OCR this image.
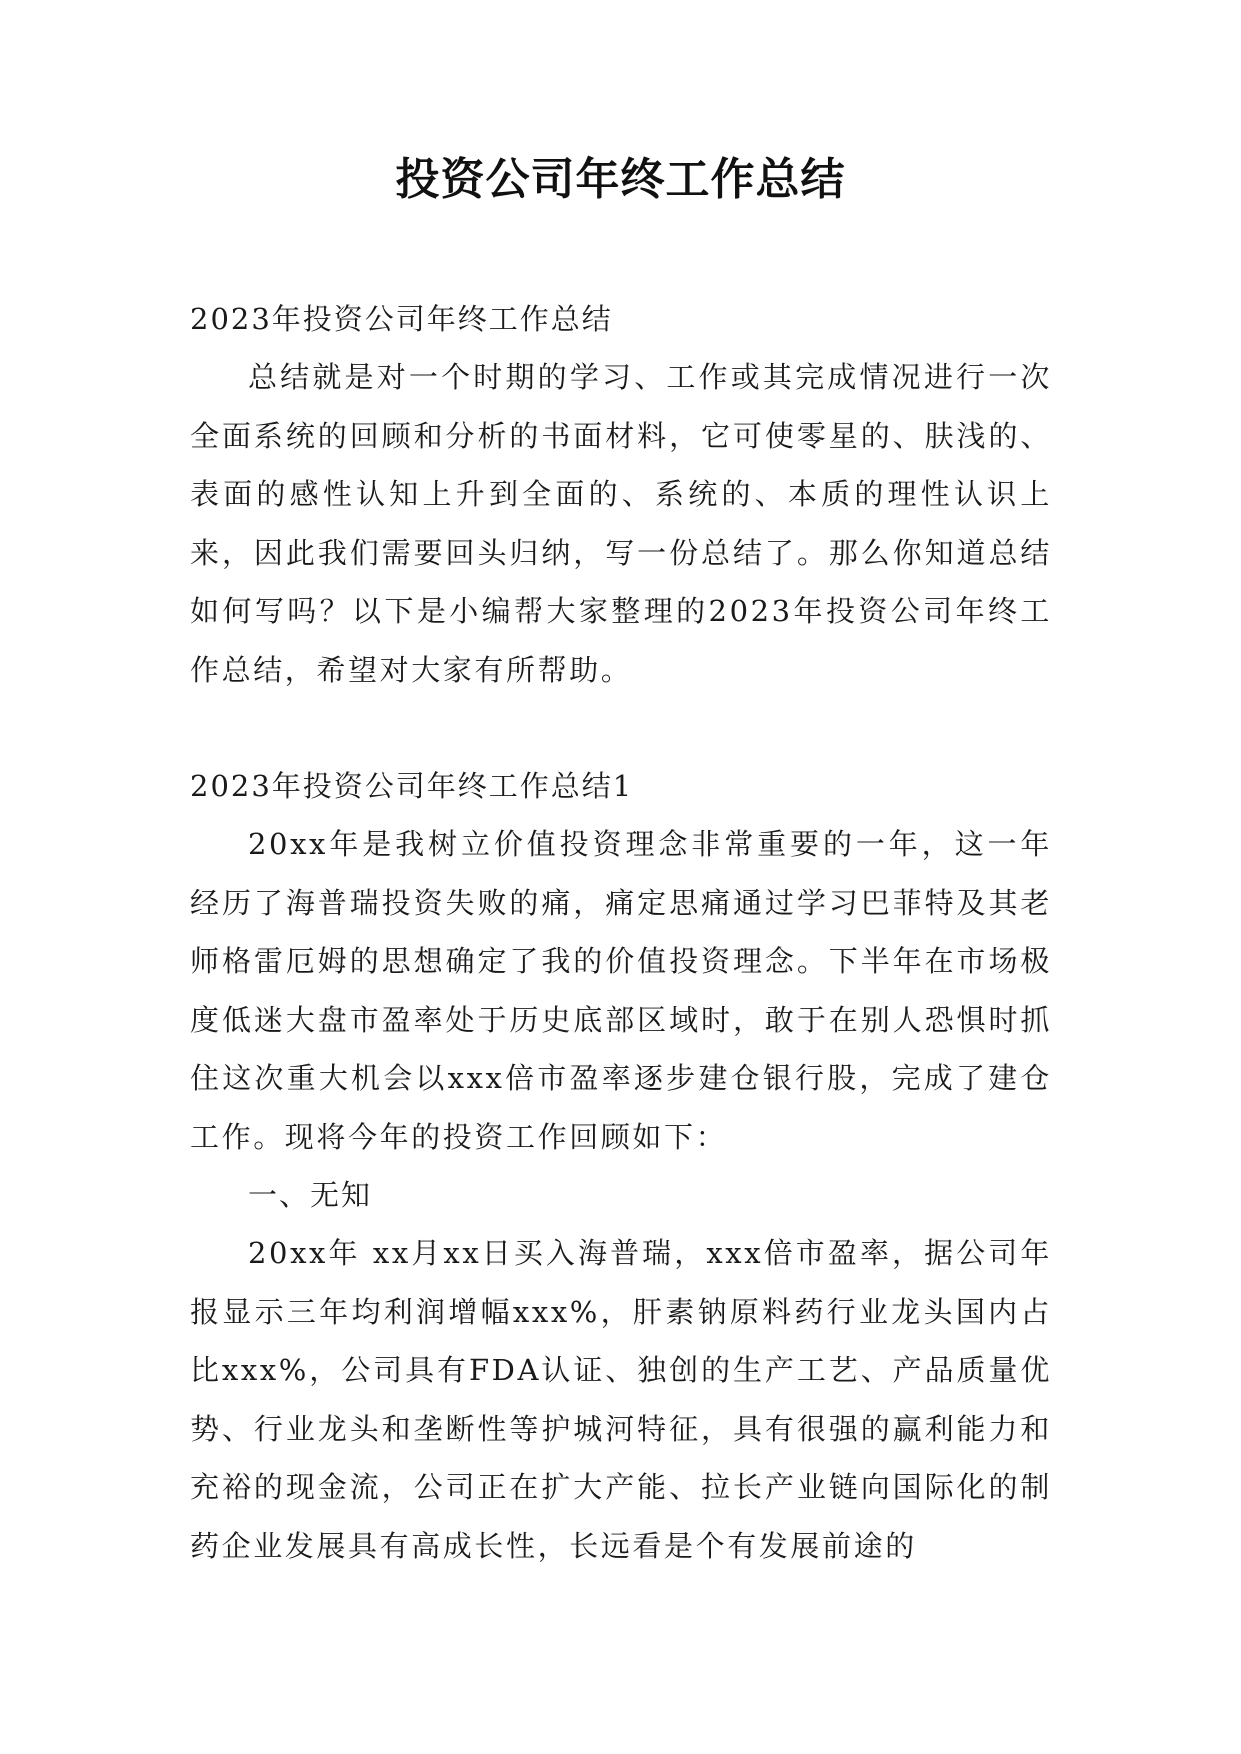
投资公司年终工作总结

2023年投资公司年终工作总结

总结就是对一个时期的学习、工作或其完成情况进行一次全面系统的回顾和分析的书面材料，它可使零星的、肤浅的、表面的感性认知上升到全面的、系统的、本质的理性认识上来，因此我们需要回头归纳，写一份总结了。那么你知道总结如何写吗？以下是小编帮大家整理的2023年投资公司年终工作总结，希望对大家有所帮助。

2023年投资公司年终工作总结1

20xx年是我树立价值投资理念非常重要的一年，这一年经历了海普瑞投资失败的痛，痛定思痛通过学习巴菲特及其老师格雷厄姆的思想确定了我的价值投资理念。下半年在市场极度低迷大盘市盈率处于历史底部区域时，敢于在别人恐惧时抓住这次重大机会以xxx倍市盈率逐步建仓银行股，完成了建仓工作。现将今年的投资工作回顾如下：

一、无知

20xx年 xx月xx日买入海普瑞，xxx倍市盈率，据公司年报显示三年均利润增幅xxx%，肝素钠原料药行业龙头国内占比xxx%，公司具有FDA认证、独创的生产工艺、产品质量优势、行业龙头和垄断性等护城河特征，具有很强的赢利能力和充裕的现金流，公司正在扩大产能、拉长产业链向国际化的制药企业发展具有高成长性，长远看是个有发展前途的
